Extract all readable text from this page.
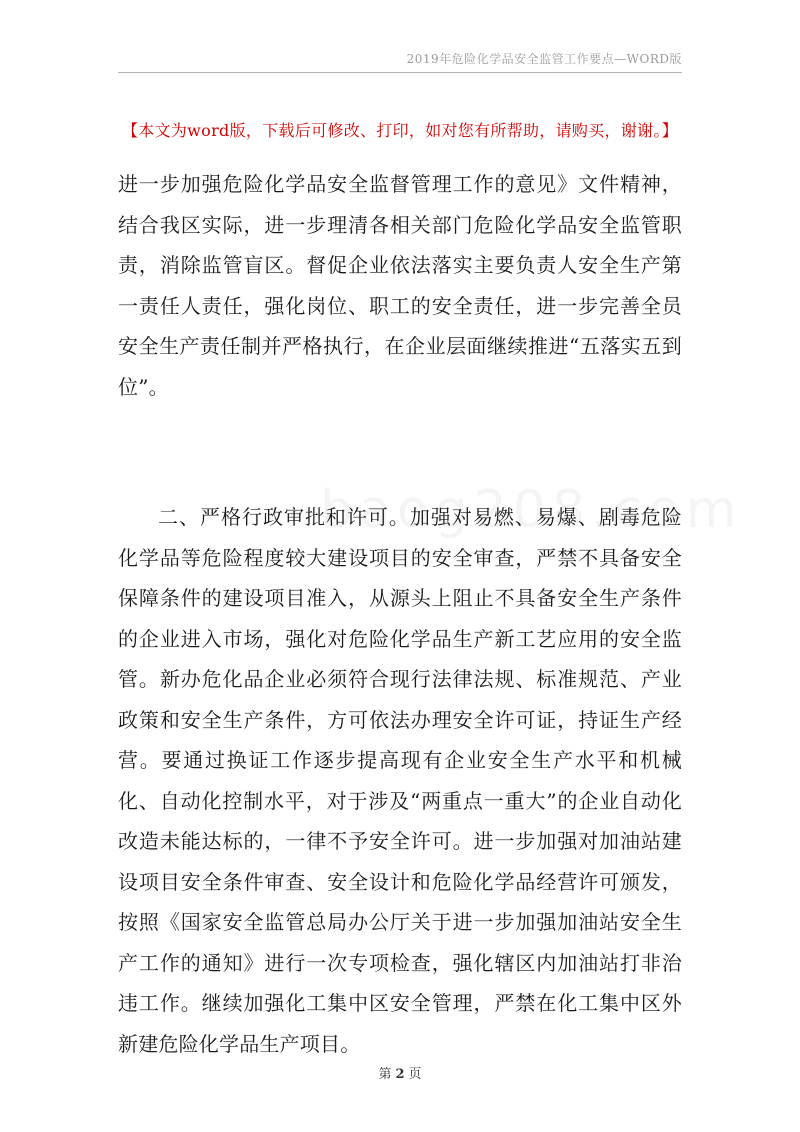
2019年危险化学品安全监管工作要点—WORD版
【本文为word版，下载后可修改、打印，如对您有所帮助，请购买，谢谢。】

进一步加强危险化学品安全监督管理工作的意见》文件精神，结合我区实际，进一步理清各相关部门危险化学品安全监管职责，消除监管盲区。督促企业依法落实主要负责人安全生产第一责任人责任，强化岗位、职工的安全责任，进一步完善全员安全生产责任制并严格执行，在企业层面继续推进“五落实五到位”。

二、严格行政审批和许可。加强对易燃、易爆、剧毒危险化学品等危险程度较大建设项目的安全审查，严禁不具备安全保障条件的建设项目准入，从源头上阻止不具备安全生产条件的企业进入市场，强化对危险化学品生产新工艺应用的安全监管。新办危化品企业必须符合现行法律法规、标准规范、产业政策和安全生产条件，方可依法办理安全许可证，持证生产经营。要通过换证工作逐步提高现有企业安全生产水平和机械化、自动化控制水平，对于涉及“两重点一重大”的企业自动化改造未能达标的，一律不予安全许可。进一步加强对加油站建设项目安全条件审查、安全设计和危险化学品经营许可颁发，按照《国家安全监管总局办公厅关于进一步加强加油站安全生产工作的通知》进行一次专项检查，强化辖区内加油站打非治违工作。继续加强化工集中区安全管理，严禁在化工集中区外新建危险化学品生产项目。

第 2 页
